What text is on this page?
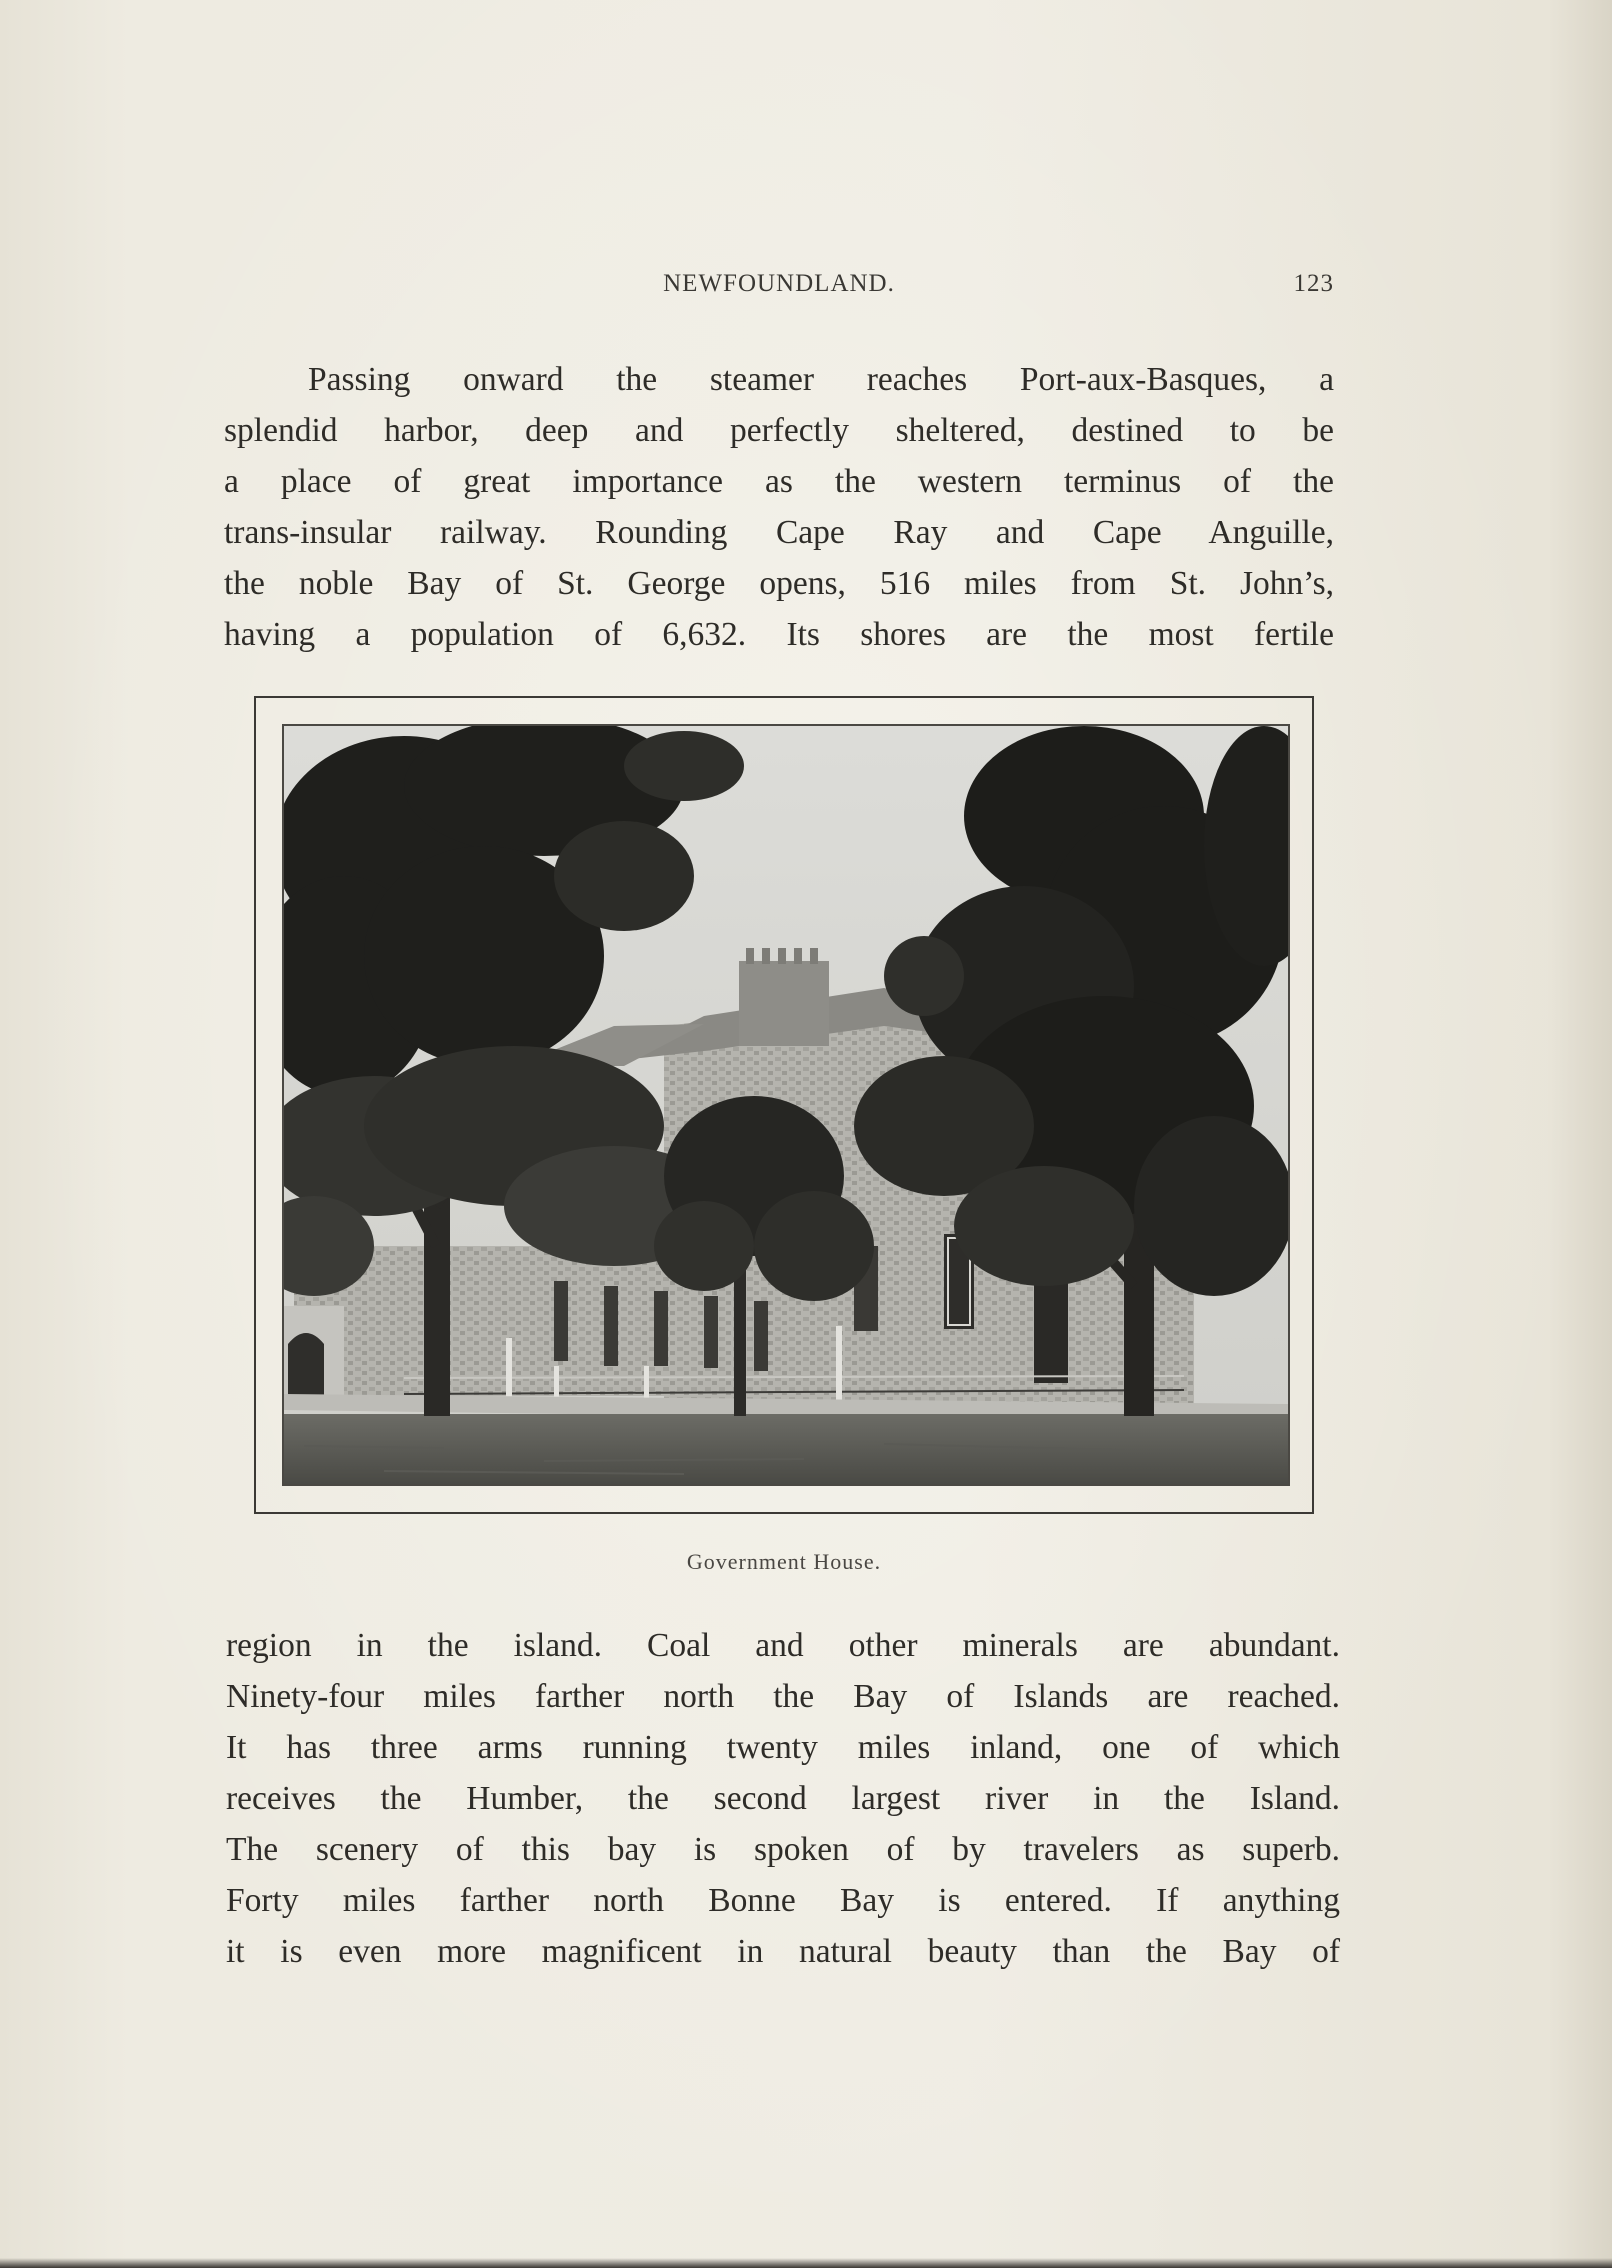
NEWFOUNDLAND.	123
Passing onward the steamer reaches Port-aux-Basques, a
splendid harbor, deep and perfectly sheltered, destined to be
a place of great importance as the western terminus of the
trans-insular railway. Rounding Cape Ray and Cape Anguille,
the noble Bay of St. George opens, 516 miles from St. John’s,
having a population of 6,632. Its shores are the most fertile
Government House.
region in the island. Coal and other minerals are abundant.
Ninety-four miles farther north the Bay of Islands are reached.
It has three arms running twenty miles inland, one of which
receives the Humber, the second largest river in the Island.
The scenery of this bay is spoken of by travelers as superb.
Forty miles farther north Bonne Bay is entered. If anything
it is even more magnificent in natural beauty than the Bay of
